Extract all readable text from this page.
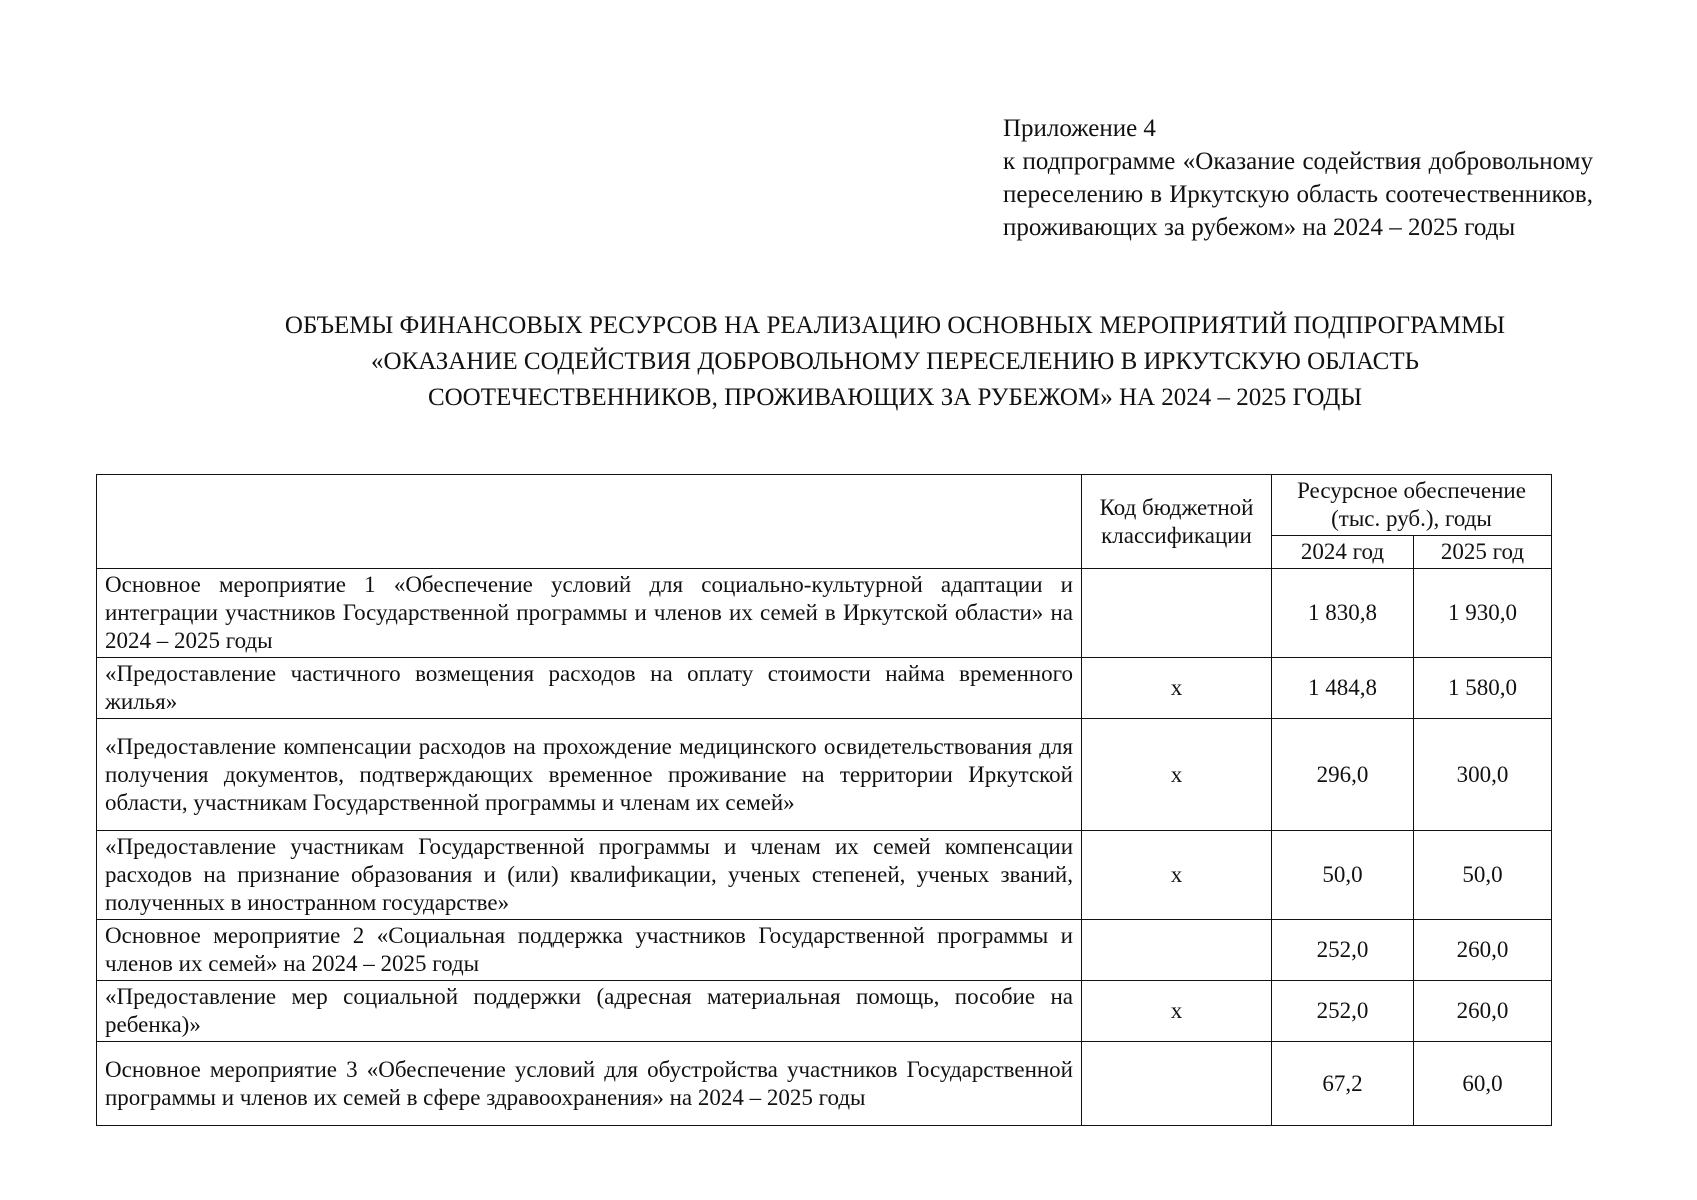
Приложение 4
к подпрограмме «Оказание содействия добровольному переселению в Иркутскую область соотечественников, проживающих за рубежом» на 2024 – 2025 годы
ОБЪЕМЫ ФИНАНСОВЫХ РЕСУРСОВ НА РЕАЛИЗАЦИЮ ОСНОВНЫХ МЕРОПРИЯТИЙ ПОДПРОГРАММЫ
«ОКАЗАНИЕ СОДЕЙСТВИЯ ДОБРОВОЛЬНОМУ ПЕРЕСЕЛЕНИЮ В ИРКУТСКУЮ ОБЛАСТЬ
СООТЕЧЕСТВЕННИКОВ, ПРОЖИВАЮЩИХ ЗА РУБЕЖОМ» НА 2024 – 2025 ГОДЫ
	Код бюджетной классификации	Ресурсное обеспечение (тыс. руб.), годы	
		2024 год	2025 год
Основное мероприятие 1 «Обеспечение условий для социально-культурной адаптации и интеграции участников Государственной программы и членов их семей в Иркутской области» на 2024 – 2025 годы		1 830,8	1 930,0
«Предоставление частичного возмещения расходов на оплату стоимости найма временного жилья»	х	1 484,8	1 580,0
«Предоставление компенсации расходов на прохождение медицинского освидетельствования для получения документов, подтверждающих временное проживание на территории Иркутской области, участникам Государственной программы и членам их семей»	х	296,0	300,0
«Предоставление участникам Государственной программы и членам их семей компенсации расходов на признание образования и (или) квалификации, ученых степеней, ученых званий, полученных в иностранном государстве»	х	50,0	50,0
Основное мероприятие 2 «Социальная поддержка участников Государственной программы и членов их семей» на 2024 – 2025 годы		252,0	260,0
«Предоставление мер социальной поддержки (адресная материальная помощь, пособие на ребенка)»	х	252,0	260,0
Основное мероприятие 3 «Обеспечение условий для обустройства участников Государственной программы и членов их семей в сфере здравоохранения» на 2024 – 2025 годы		67,2	60,0
